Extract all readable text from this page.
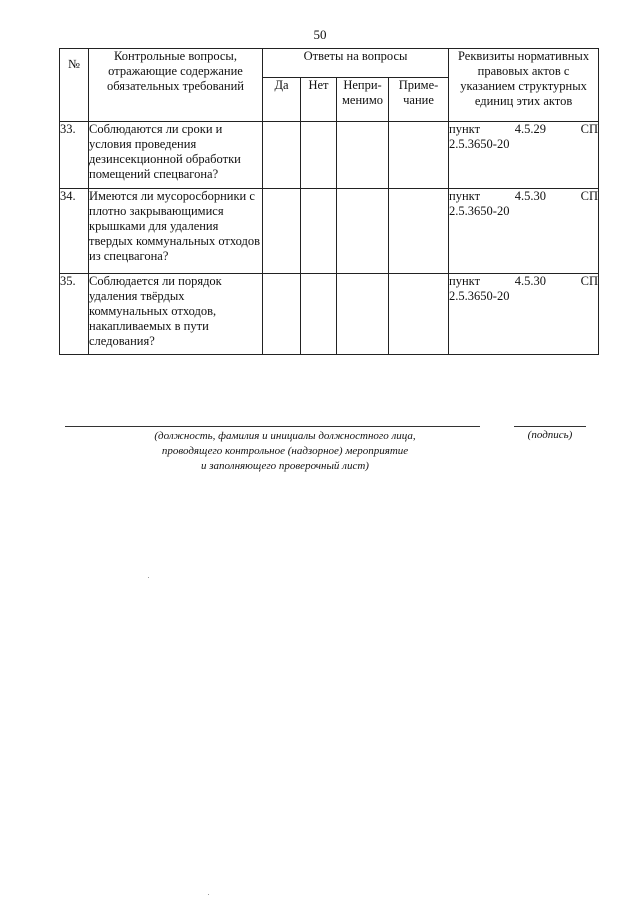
50
№	Контрольные вопросы, отражающие содержание обязательных требований	Ответы на вопросы				Реквизиты нормативных правовых актов с указанием структурных единиц этих актов
		Да	Нет	Непри-менимо	Приме-чание	
33.	Соблюдаются ли сроки и условия проведения дезинсекционной обработки помещений спецвагона?					пункт 4.5.29 СП
2.5.3650-20

34.	Имеются ли мусоросборники с плотно закрывающимися крышками для удаления твердых коммунальных отходов из спецвагона?					пункт 4.5.30 СП
2.5.3650-20

35.	Соблюдается ли порядок удаления твёрдых коммунальных отходов, накапливаемых в пути следования?					пункт 4.5.30 СП
2.5.3650-20
(должность, фамилия и инициалы должностного лица,
проводящего контрольное (надзорное) мероприятие
и заполняющего проверочный лист)
(подпись)
